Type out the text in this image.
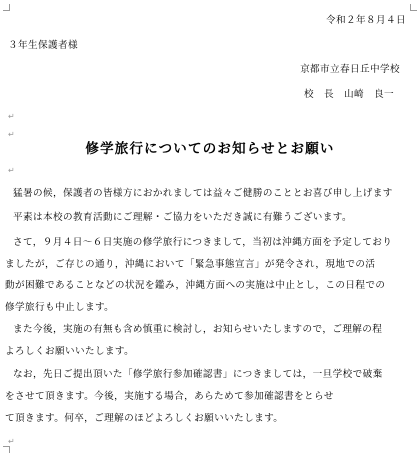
令和２年８月４日
３年生保護者様
京都市立春日丘中学校
校　長　山崎　良一
↵
↵
修学旅行についてのお知らせとお願い
↵
猛暑の候，保護者の皆様方におかれましては益々ご健勝のこととお喜び申し上げます
平素は本校の教育活動にご理解・ご協力をいただき誠に有難うございます。
さて，９月４日～６日実施の修学旅行につきまして，当初は沖縄方面を予定しており
ましたが，ご存じの通り，沖縄において「緊急事態宣言」が発令され，現地での活
動が困難であることなどの状況を鑑み，沖縄方面への実施は中止とし，この日程での
修学旅行も中止します。
また今後，実施の有無も含め慎重に検討し，お知らせいたしますので，ご理解の程
よろしくお願いいたします。
なお，先日ご提出頂いた「修学旅行参加確認書」につきましては，一旦学校で破棄
をさせて頂きます。今後，実施する場合，あらためて参加確認書をとらせ
て頂きます。何卒，ご理解のほどよろしくお願いいたします。
↵
